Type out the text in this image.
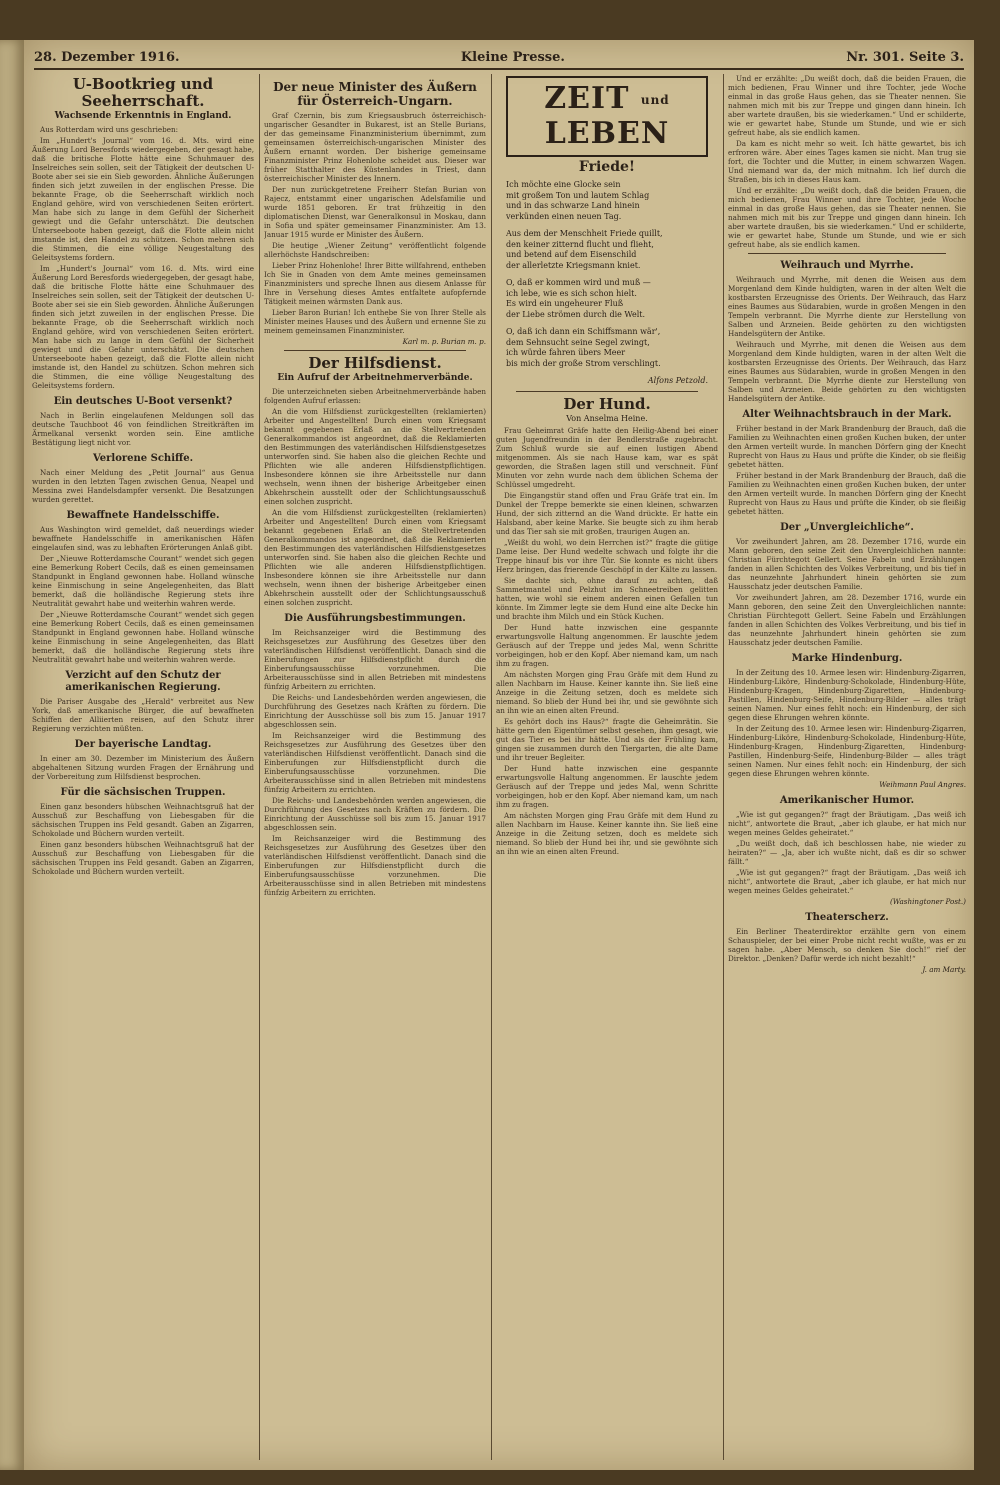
28. Dezember 1916.	Kleine Presse.	Nr. 301. Seite 3.
U-Bootkrieg und Seeherrschaft.
Wachsende Erkenntnis in England.

Aus Rotterdam wird uns geschrieben:

Im „Hundert's Journal“ vom 16. d. Mts. wird eine Äußerung Lord Beresfords wiedergegeben, der gesagt habe, daß die britische Flotte hätte eine Schuhmauer des Inselreiches sein sollen, seit der Tätigkeit der deutschen U-Boote aber sei sie ein Sieb geworden. Ähnliche Äußerungen finden sich jetzt zuweilen in der englischen Presse. Die bekannte Frage, ob die Seeherrschaft wirklich noch England gehöre, wird von verschiedenen Seiten erörtert. Man habe sich zu lange in dem Gefühl der Sicherheit gewiegt und die Gefahr unterschätzt. Die deutschen Unterseeboote haben gezeigt, daß die Flotte allein nicht imstande ist, den Handel zu schützen. Schon mehren sich die Stimmen, die eine völlige Neugestaltung des Geleitsystems fordern.

Im „Hundert's Journal“ vom 16. d. Mts. wird eine Äußerung Lord Beresfords wiedergegeben, der gesagt habe, daß die britische Flotte hätte eine Schuhmauer des Inselreiches sein sollen, seit der Tätigkeit der deutschen U-Boote aber sei sie ein Sieb geworden. Ähnliche Äußerungen finden sich jetzt zuweilen in der englischen Presse. Die bekannte Frage, ob die Seeherrschaft wirklich noch England gehöre, wird von verschiedenen Seiten erörtert. Man habe sich zu lange in dem Gefühl der Sicherheit gewiegt und die Gefahr unterschätzt. Die deutschen Unterseeboote haben gezeigt, daß die Flotte allein nicht imstande ist, den Handel zu schützen. Schon mehren sich die Stimmen, die eine völlige Neugestaltung des Geleitsystems fordern.

Ein deutsches U-Boot versenkt?

Nach in Berlin eingelaufenen Meldungen soll das deutsche Tauchboot 46 von feindlichen Streitkräften im Ärmelkanal versenkt worden sein. Eine amtliche Bestätigung liegt nicht vor.

Verlorene Schiffe.

Nach einer Meldung des „Petit Journal“ aus Genua wurden in den letzten Tagen zwischen Genua, Neapel und Messina zwei Handelsdampfer versenkt. Die Besatzungen wurden gerettet.

Bewaffnete Handelsschiffe.

Aus Washington wird gemeldet, daß neuerdings wieder bewaffnete Handelsschiffe in amerikanischen Häfen eingelaufen sind, was zu lebhaften Erörterungen Anlaß gibt.

Der „Nieuwe Rotterdamsche Courant“ wendet sich gegen eine Bemerkung Robert Cecils, daß es einen gemeinsamen Standpunkt in England gewonnen habe. Holland wünsche keine Einmischung in seine Angelegenheiten, das Blatt bemerkt, daß die holländische Regierung stets ihre Neutralität gewahrt habe und weiterhin wahren werde.

Der „Nieuwe Rotterdamsche Courant“ wendet sich gegen eine Bemerkung Robert Cecils, daß es einen gemeinsamen Standpunkt in England gewonnen habe. Holland wünsche keine Einmischung in seine Angelegenheiten, das Blatt bemerkt, daß die holländische Regierung stets ihre Neutralität gewahrt habe und weiterhin wahren werde.

Verzicht auf den Schutz der amerikanischen Regierung.

Die Pariser Ausgabe des „Herald“ verbreitet aus New York, daß amerikanische Bürger, die auf bewaffneten Schiffen der Alliierten reisen, auf den Schutz ihrer Regierung verzichten müßten.

Der bayerische Landtag.

In einer am 30. Dezember im Ministerium des Äußern abgehaltenen Sitzung wurden Fragen der Ernährung und der Vorbereitung zum Hilfsdienst besprochen.

Für die sächsischen Truppen.

Einen ganz besonders hübschen Weihnachtsgruß hat der Ausschuß zur Beschaffung von Liebesgaben für die sächsischen Truppen ins Feld gesandt. Gaben an Zigarren, Schokolade und Büchern wurden verteilt.

Einen ganz besonders hübschen Weihnachtsgruß hat der Ausschuß zur Beschaffung von Liebesgaben für die sächsischen Truppen ins Feld gesandt. Gaben an Zigarren, Schokolade und Büchern wurden verteilt.

Der neue Minister des Äußern für Österreich-Ungarn.

Graf Czernin, bis zum Kriegsausbruch österreichisch-ungarischer Gesandter in Bukarest, ist an Stelle Burians, der das gemeinsame Finanzministerium übernimmt, zum gemeinsamen österreichisch-ungarischen Minister des Äußern ernannt worden. Der bisherige gemeinsame Finanzminister Prinz Hohenlohe scheidet aus. Dieser war früher Statthalter des Küstenlandes in Triest, dann österreichischer Minister des Innern.

Der nun zurückgetretene Freiherr Stefan Burian von Rajecz, entstammt einer ungarischen Adelsfamilie und wurde 1851 geboren. Er trat frühzeitig in den diplomatischen Dienst, war Generalkonsul in Moskau, dann in Sofia und später gemeinsamer Finanzminister. Am 13. Januar 1915 wurde er Minister des Äußern.

Die heutige „Wiener Zeitung“ veröffentlicht folgende allerhöchste Handschreiben:

Lieber Prinz Hohenlohe! Ihrer Bitte willfahrend, entheben Ich Sie in Gnaden von dem Amte meines gemeinsamen Finanzministers und spreche Ihnen aus diesem Anlasse für Ihre in Versehung dieses Amtes entfaltete aufopfernde Tätigkeit meinen wärmsten Dank aus.

Lieber Baron Burian! Ich enthebe Sie von Ihrer Stelle als Minister meines Hauses und des Äußern und ernenne Sie zu meinem gemeinsamen Finanzminister.

Karl m. p. Burian m. p.
Der Hilfsdienst.
Ein Aufruf der Arbeitnehmerverbände.

Die unterzeichneten sieben Arbeitnehmerverbände haben folgenden Aufruf erlassen:

An die vom Hilfsdienst zurückgestellten (reklamierten) Arbeiter und Angestellten! Durch einen vom Kriegsamt bekannt gegebenen Erlaß an die Stellvertretenden Generalkommandos ist angeordnet, daß die Reklamierten den Bestimmungen des vaterländischen Hilfsdienstgesetzes unterworfen sind. Sie haben also die gleichen Rechte und Pflichten wie alle anderen Hilfsdienstpflichtigen. Insbesondere können sie ihre Arbeitsstelle nur dann wechseln, wenn ihnen der bisherige Arbeitgeber einen Abkehrschein ausstellt oder der Schlichtungsausschuß einen solchen zuspricht.

An die vom Hilfsdienst zurückgestellten (reklamierten) Arbeiter und Angestellten! Durch einen vom Kriegsamt bekannt gegebenen Erlaß an die Stellvertretenden Generalkommandos ist angeordnet, daß die Reklamierten den Bestimmungen des vaterländischen Hilfsdienstgesetzes unterworfen sind. Sie haben also die gleichen Rechte und Pflichten wie alle anderen Hilfsdienstpflichtigen. Insbesondere können sie ihre Arbeitsstelle nur dann wechseln, wenn ihnen der bisherige Arbeitgeber einen Abkehrschein ausstellt oder der Schlichtungsausschuß einen solchen zuspricht.

Die Ausführungsbestimmungen.

Im Reichsanzeiger wird die Bestimmung des Reichsgesetzes zur Ausführung des Gesetzes über den vaterländischen Hilfsdienst veröffentlicht. Danach sind die Einberufungen zur Hilfsdienstpflicht durch die Einberufungsausschüsse vorzunehmen. Die Arbeiterausschüsse sind in allen Betrieben mit mindestens fünfzig Arbeitern zu errichten.

Die Reichs- und Landesbehörden werden angewiesen, die Durchführung des Gesetzes nach Kräften zu fördern. Die Einrichtung der Ausschüsse soll bis zum 15. Januar 1917 abgeschlossen sein.

Im Reichsanzeiger wird die Bestimmung des Reichsgesetzes zur Ausführung des Gesetzes über den vaterländischen Hilfsdienst veröffentlicht. Danach sind die Einberufungen zur Hilfsdienstpflicht durch die Einberufungsausschüsse vorzunehmen. Die Arbeiterausschüsse sind in allen Betrieben mit mindestens fünfzig Arbeitern zu errichten.

Die Reichs- und Landesbehörden werden angewiesen, die Durchführung des Gesetzes nach Kräften zu fördern. Die Einrichtung der Ausschüsse soll bis zum 15. Januar 1917 abgeschlossen sein.

Im Reichsanzeiger wird die Bestimmung des Reichsgesetzes zur Ausführung des Gesetzes über den vaterländischen Hilfsdienst veröffentlicht. Danach sind die Einberufungen zur Hilfsdienstpflicht durch die Einberufungsausschüsse vorzunehmen. Die Arbeiterausschüsse sind in allen Betrieben mit mindestens fünfzig Arbeitern zu errichten.

ZEIT und LEBEN
Friede!
Ich möchte eine Glocke sein
mit großem Ton und lautem Schlag
und in das schwarze Land hinein
verkünden einen neuen Tag.
Aus dem der Menschheit Friede quillt,
den keiner zitternd flucht und flieht,
und betend auf dem Eisenschild
der allerletzte Kriegsmann kniet.
O, daß er kommen wird und muß —
ich lebe, wie es sich schon hielt.
Es wird ein ungeheurer Fluß
der Liebe strömen durch die Welt.
O, daß ich dann ein Schiffsmann wär',
dem Sehnsucht seine Segel zwingt,
ich würde fahren übers Meer
bis mich der große Strom verschlingt.
Alfons Petzold.
Der Hund.
Von Anselma Heine.

Frau Geheimrat Gräfe hatte den Heilig-Abend bei einer guten Jugendfreundin in der Bendlerstraße zugebracht. Zum Schluß wurde sie auf einen lustigen Abend mitgenommen. Als sie nach Hause kam, war es spät geworden, die Straßen lagen still und verschneit. Fünf Minuten vor zehn wurde nach dem üblichen Schema der Schlüssel umgedreht.

Die Eingangstür stand offen und Frau Gräfe trat ein. Im Dunkel der Treppe bemerkte sie einen kleinen, schwarzen Hund, der sich zitternd an die Wand drückte. Er hatte ein Halsband, aber keine Marke. Sie beugte sich zu ihm herab und das Tier sah sie mit großen, traurigen Augen an.

„Weißt du wohl, wo dein Herrchen ist?“ fragte die gütige Dame leise. Der Hund wedelte schwach und folgte ihr die Treppe hinauf bis vor ihre Tür. Sie konnte es nicht übers Herz bringen, das frierende Geschöpf in der Kälte zu lassen.

Sie dachte sich, ohne darauf zu achten, daß Sammetmantel und Pelzhut im Schneetreiben gelitten hatten, wie wohl sie einem anderen einen Gefallen tun könnte. Im Zimmer legte sie dem Hund eine alte Decke hin und brachte ihm Milch und ein Stück Kuchen.

Der Hund hatte inzwischen eine gespannte erwartungsvolle Haltung angenommen. Er lauschte jedem Geräusch auf der Treppe und jedes Mal, wenn Schritte vorbeigingen, hob er den Kopf. Aber niemand kam, um nach ihm zu fragen.

Am nächsten Morgen ging Frau Gräfe mit dem Hund zu allen Nachbarn im Hause. Keiner kannte ihn. Sie ließ eine Anzeige in die Zeitung setzen, doch es meldete sich niemand. So blieb der Hund bei ihr, und sie gewöhnte sich an ihn wie an einen alten Freund.

Es gehört doch ins Haus?“ fragte die Geheimrätin. Sie hätte gern den Eigentümer selbst gesehen, ihm gesagt, wie gut das Tier es bei ihr hätte. Und als der Frühling kam, gingen sie zusammen durch den Tiergarten, die alte Dame und ihr treuer Begleiter.

Der Hund hatte inzwischen eine gespannte erwartungsvolle Haltung angenommen. Er lauschte jedem Geräusch auf der Treppe und jedes Mal, wenn Schritte vorbeigingen, hob er den Kopf. Aber niemand kam, um nach ihm zu fragen.

Am nächsten Morgen ging Frau Gräfe mit dem Hund zu allen Nachbarn im Hause. Keiner kannte ihn. Sie ließ eine Anzeige in die Zeitung setzen, doch es meldete sich niemand. So blieb der Hund bei ihr, und sie gewöhnte sich an ihn wie an einen alten Freund.

Und er erzählte: „Du weißt doch, daß die beiden Frauen, die mich bedienen, Frau Winner und ihre Tochter, jede Woche einmal in das große Haus gehen, das sie Theater nennen. Sie nahmen mich mit bis zur Treppe und gingen dann hinein. Ich aber wartete draußen, bis sie wiederkamen.“ Und er schilderte, wie er gewartet habe, Stunde um Stunde, und wie er sich gefreut habe, als sie endlich kamen.

Da kam es nicht mehr so weit. Ich hätte gewartet, bis ich erfroren wäre. Aber eines Tages kamen sie nicht. Man trug sie fort, die Tochter und die Mutter, in einem schwarzen Wagen. Und niemand war da, der mich mitnahm. Ich lief durch die Straßen, bis ich in dieses Haus kam.

Und er erzählte: „Du weißt doch, daß die beiden Frauen, die mich bedienen, Frau Winner und ihre Tochter, jede Woche einmal in das große Haus gehen, das sie Theater nennen. Sie nahmen mich mit bis zur Treppe und gingen dann hinein. Ich aber wartete draußen, bis sie wiederkamen.“ Und er schilderte, wie er gewartet habe, Stunde um Stunde, und wie er sich gefreut habe, als sie endlich kamen.

Weihrauch und Myrrhe.

Weihrauch und Myrrhe, mit denen die Weisen aus dem Morgenland dem Kinde huldigten, waren in der alten Welt die kostbarsten Erzeugnisse des Orients. Der Weihrauch, das Harz eines Baumes aus Südarabien, wurde in großen Mengen in den Tempeln verbrannt. Die Myrrhe diente zur Herstellung von Salben und Arzneien. Beide gehörten zu den wichtigsten Handelsgütern der Antike.

Weihrauch und Myrrhe, mit denen die Weisen aus dem Morgenland dem Kinde huldigten, waren in der alten Welt die kostbarsten Erzeugnisse des Orients. Der Weihrauch, das Harz eines Baumes aus Südarabien, wurde in großen Mengen in den Tempeln verbrannt. Die Myrrhe diente zur Herstellung von Salben und Arzneien. Beide gehörten zu den wichtigsten Handelsgütern der Antike.

Alter Weihnachtsbrauch in der Mark.

Früher bestand in der Mark Brandenburg der Brauch, daß die Familien zu Weihnachten einen großen Kuchen buken, der unter den Armen verteilt wurde. In manchen Dörfern ging der Knecht Ruprecht von Haus zu Haus und prüfte die Kinder, ob sie fleißig gebetet hätten.

Früher bestand in der Mark Brandenburg der Brauch, daß die Familien zu Weihnachten einen großen Kuchen buken, der unter den Armen verteilt wurde. In manchen Dörfern ging der Knecht Ruprecht von Haus zu Haus und prüfte die Kinder, ob sie fleißig gebetet hätten.

Der „Unvergleichliche“.

Vor zweihundert Jahren, am 28. Dezember 1716, wurde ein Mann geboren, den seine Zeit den Unvergleichlichen nannte: Christian Fürchtegott Gellert. Seine Fabeln und Erzählungen fanden in allen Schichten des Volkes Verbreitung, und bis tief in das neunzehnte Jahrhundert hinein gehörten sie zum Hausschatz jeder deutschen Familie.

Vor zweihundert Jahren, am 28. Dezember 1716, wurde ein Mann geboren, den seine Zeit den Unvergleichlichen nannte: Christian Fürchtegott Gellert. Seine Fabeln und Erzählungen fanden in allen Schichten des Volkes Verbreitung, und bis tief in das neunzehnte Jahrhundert hinein gehörten sie zum Hausschatz jeder deutschen Familie.

Marke Hindenburg.

In der Zeitung des 10. Armee lesen wir: Hindenburg-Zigarren, Hindenburg-Liköre, Hindenburg-Schokolade, Hindenburg-Hüte, Hindenburg-Kragen, Hindenburg-Zigaretten, Hindenburg-Pastillen, Hindenburg-Seife, Hindenburg-Bilder — alles trägt seinen Namen. Nur eines fehlt noch: ein Hindenburg, der sich gegen diese Ehrungen wehren könnte.

In der Zeitung des 10. Armee lesen wir: Hindenburg-Zigarren, Hindenburg-Liköre, Hindenburg-Schokolade, Hindenburg-Hüte, Hindenburg-Kragen, Hindenburg-Zigaretten, Hindenburg-Pastillen, Hindenburg-Seife, Hindenburg-Bilder — alles trägt seinen Namen. Nur eines fehlt noch: ein Hindenburg, der sich gegen diese Ehrungen wehren könnte.

Weihmann Paul Angres.
Amerikanischer Humor.

„Wie ist gut gegangen?“ fragt der Bräutigam. „Das weiß ich nicht“, antwortete die Braut, „aber ich glaube, er hat mich nur wegen meines Geldes geheiratet.“

„Du weißt doch, daß ich beschlossen habe, nie wieder zu heiraten?“ — „Ja, aber ich wußte nicht, daß es dir so schwer fällt.“

„Wie ist gut gegangen?“ fragt der Bräutigam. „Das weiß ich nicht“, antwortete die Braut, „aber ich glaube, er hat mich nur wegen meines Geldes geheiratet.“

(Washingtoner Post.)
Theaterscherz.

Ein Berliner Theaterdirektor erzählte gern von einem Schauspieler, der bei einer Probe nicht recht wußte, was er zu sagen habe. „Aber Mensch, so denken Sie doch!“ rief der Direktor. „Denken? Dafür werde ich nicht bezahlt!“

J. am Marty.
